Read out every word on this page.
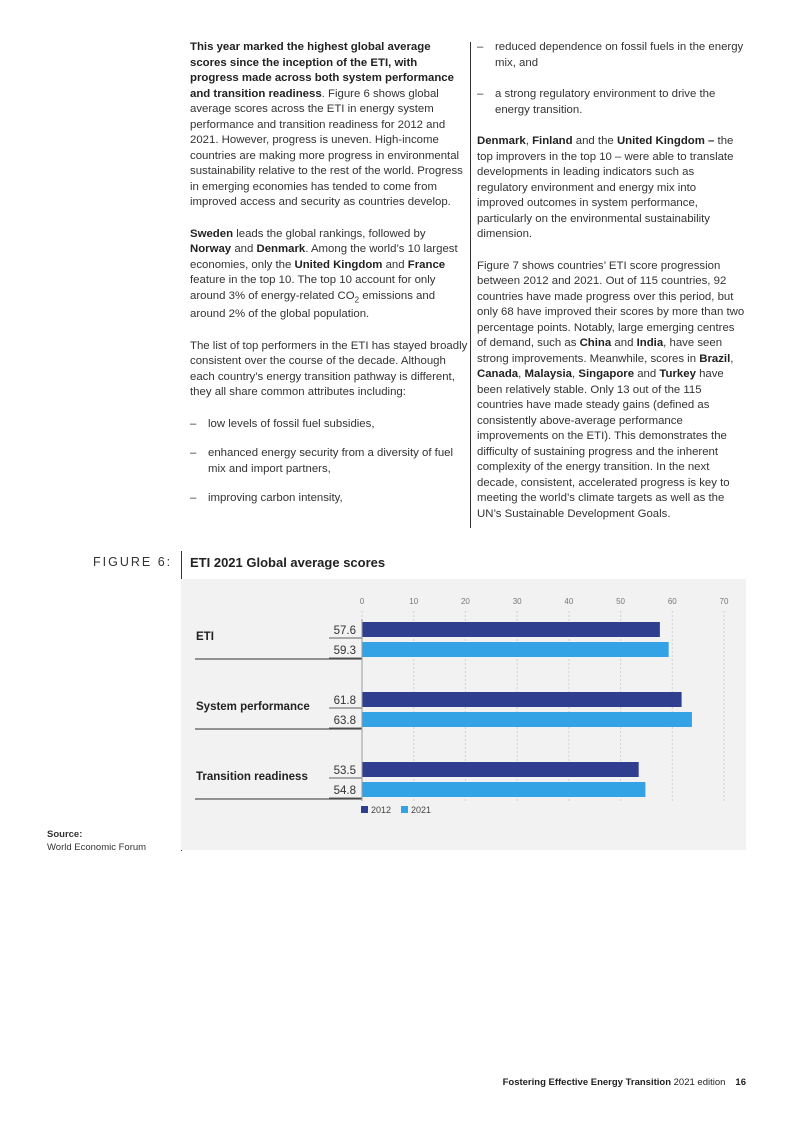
This year marked the highest global average scores since the inception of the ETI, with progress made across both system performance and transition readiness. Figure 6 shows global average scores across the ETI in energy system performance and transition readiness for 2012 and 2021. However, progress is uneven. High-income countries are making more progress in environmental sustainability relative to the rest of the world. Progress in emerging economies has tended to come from improved access and security as countries develop.

Sweden leads the global rankings, followed by Norway and Denmark. Among the world’s 10 largest economies, only the United Kingdom and France feature in the top 10. The top 10 account for only around 3% of energy-related $CO_2$ emissions and around 2% of the global population.

The list of top performers in the ETI has stayed broadly consistent over the course of the decade. Although each country’s energy transition pathway is different, they all share common attributes including:

–	low levels of fossil fuel subsidies,
–	enhanced energy security from a diversity of fuel mix and import partners,
–	improving carbon intensity,
–	reduced dependence on fossil fuels in the energy mix, and
–	a strong regulatory environment to drive the energy transition.

Denmark, Finland and the United Kingdom – the top improvers in the top 10 – were able to translate developments in leading indicators such as regulatory environment and energy mix into improved outcomes in system performance, particularly on the environmental sustainability dimension.

Figure 7 shows countries’ ETI score progression between 2012 and 2021. Out of 115 countries, 92 countries have made progress over this period, but only 68 have improved their scores by more than two percentage points. Notably, large emerging centres of demand, such as China and India, have seen strong improvements. Meanwhile, scores in Brazil, Canada, Malaysia, Singapore and Turkey have been relatively stable. Only 13 out of the 115 countries have made steady gains (defined as consistently above-average performance improvements on the ETI). This demonstrates the difficulty of sustaining progress and the inherent complexity of the energy transition. In the next decade, consistent, accelerated progress is key to meeting the world’s climate targets as well as the UN’s Sustainable Development Goals.

FIGURE 6: ETI 2021 Global average scores
0	10	20	30	40	50	60	70
ETI	57.6
59.3
System performance 61.8
63.8
Transition readiness 53.5
54.8
2012 2021
Source:
World Economic Forum
Fostering Effective Energy Transition 2021 edition 16
